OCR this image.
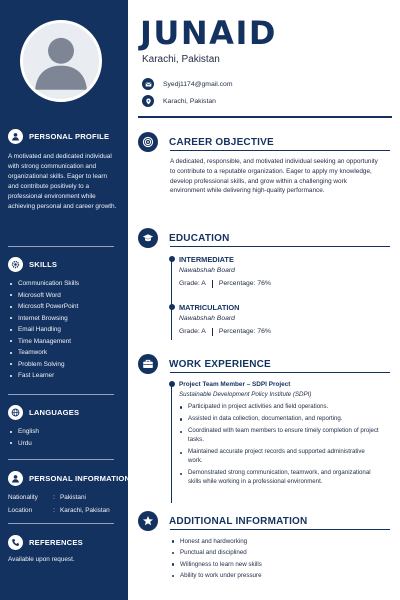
PERSONAL PROFILE

A motivated and dedicated individual with strong communication and organizational skills. Eager to learn and contribute positively to a professional environment while achieving personal and career growth.

SKILLS
Communication Skills
Microsoft Word
Microsoft PowerPoint
Internet Browsing
Email Handling
Time Management
Teamwork
Problem Solving
Fast Learner
LANGUAGES
English
Urdu
PERSONAL INFORMATION
Nationality	: Pakistani
Location	: Karachi, Pakistan
REFERENCES

Available upon request.

JUNAID
Karachi, Pakistan
Syedj1174@gmail.com
Karachi, Pakistan
CAREER OBJECTIVE

A dedicated, responsible, and motivated individual seeking an opportunity to contribute to a reputable organization. Eager to apply my knowledge, develop professional skills, and grow within a challenging work environment while delivering high-quality performance.

EDUCATION
INTERMEDIATE
Nawabshah Board
Grade: A Percentage: 76%
MATRICULATION
Nawabshah Board
Grade: A Percentage: 76%
WORK EXPERIENCE
Project Team Member – SDPI Project
Sustainable Development Policy Institute (SDPI)
Participated in project activities and field operations.
Assisted in data collection, documentation, and reporting.
Coordinated with team members to ensure timely completion of project tasks.
Maintained accurate project records and supported administrative work.
Demonstrated strong communication, teamwork, and organizational skills while working in a professional environment.
ADDITIONAL INFORMATION
Honest and hardworking
Punctual and disciplined
Willingness to learn new skills
Ability to work under pressure
